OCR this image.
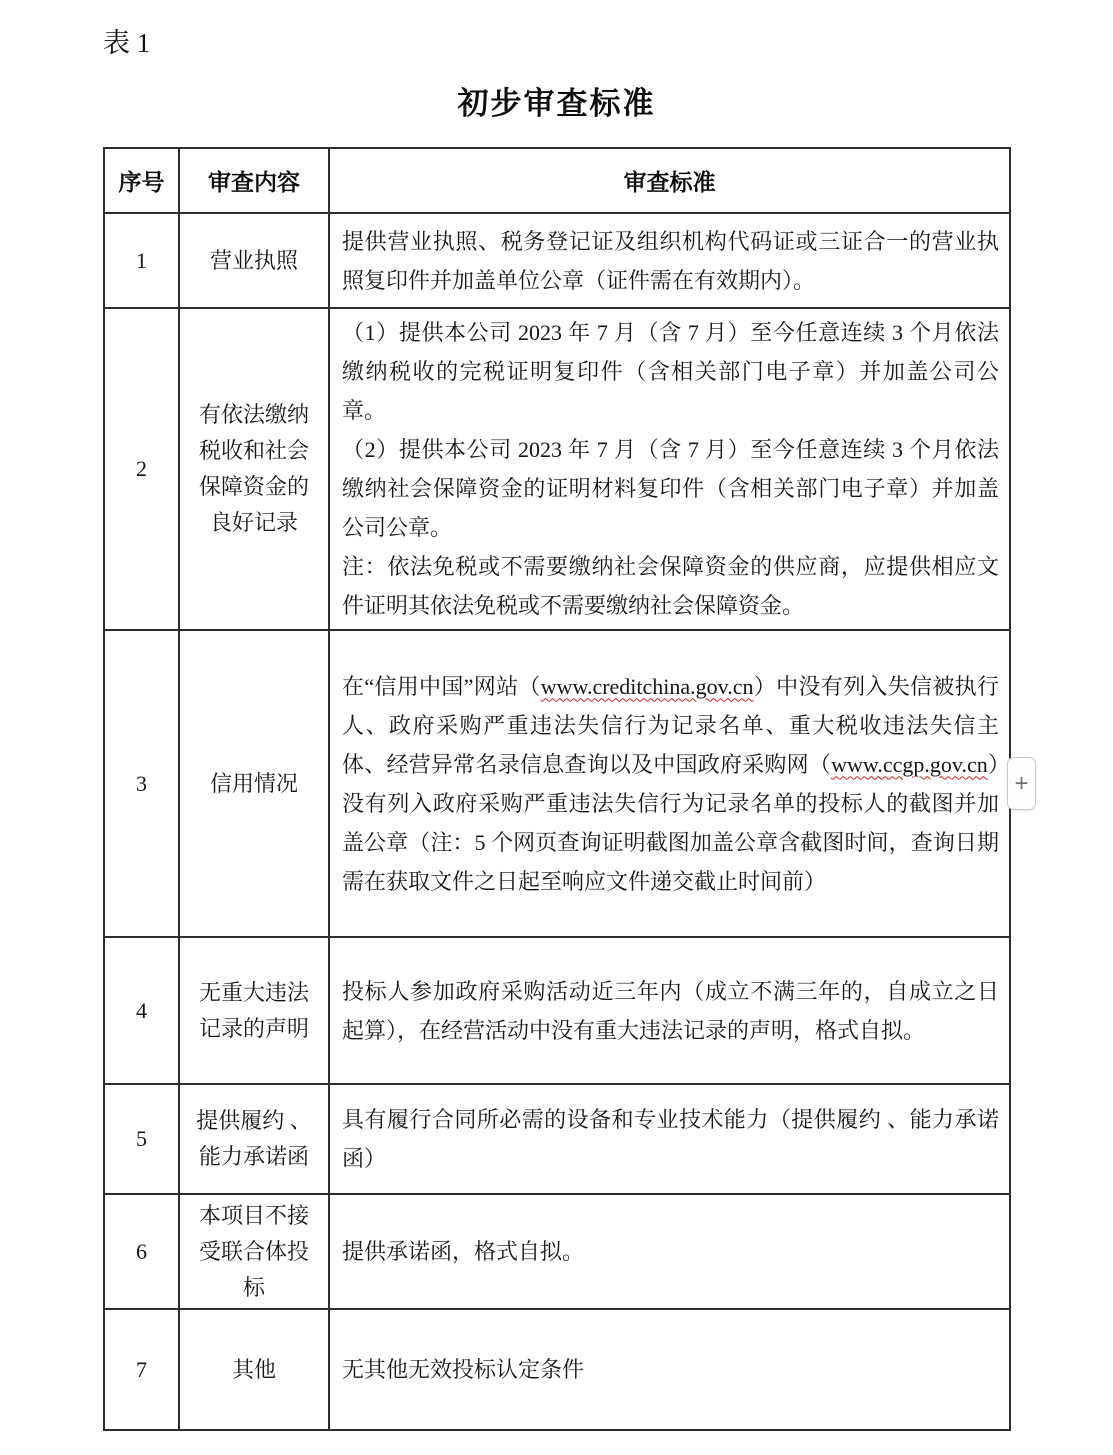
表 1
初步审查标准
序号	审查内容	审查标准
1	营业执照	提供营业执照、税务登记证及组织机构代码证或三证合一的营业执照复印件并加盖单位公章（证件需在有效期内）。

2	有依法缴纳税收和社会保障资金的良好记录	（1）提供本公司 2023 年 7 月（含 7 月）至今任意连续 3 个月依法缴纳税收的完税证明复印件（含相关部门电子章）并加盖公司公章。

（2）提供本公司 2023 年 7 月（含 7 月）至今任意连续 3 个月依法缴纳社会保障资金的证明材料复印件（含相关部门电子章）并加盖公司公章。

注：依法免税或不需要缴纳社会保障资金的供应商，应提供相应文件证明其依法免税或不需要缴纳社会保障资金。

3	信用情况	在“信用中国”网站（www.creditchina.gov.cn）中没有列入失信被执行人、政府采购严重违法失信行为记录名单、重大税收违法失信主体、经营异常名录信息查询以及中国政府采购网（www.ccgp.gov.cn）没有列入政府采购严重违法失信行为记录名单的投标人的截图并加盖公章（注：5 个网页查询证明截图加盖公章含截图时间，查询日期需在获取文件之日起至响应文件递交截止时间前）

4	无重大违法记录的声明	投标人参加政府采购活动近三年内（成立不满三年的，自成立之日起算），在经营活动中没有重大违法记录的声明，格式自拟。

5	提供履约 、能力承诺函	具有履行合同所必需的设备和专业技术能力（提供履约 、能力承诺函）

6	本项目不接受联合体投标	提供承诺函，格式自拟。

7	其他	无其他无效投标认定条件

+
